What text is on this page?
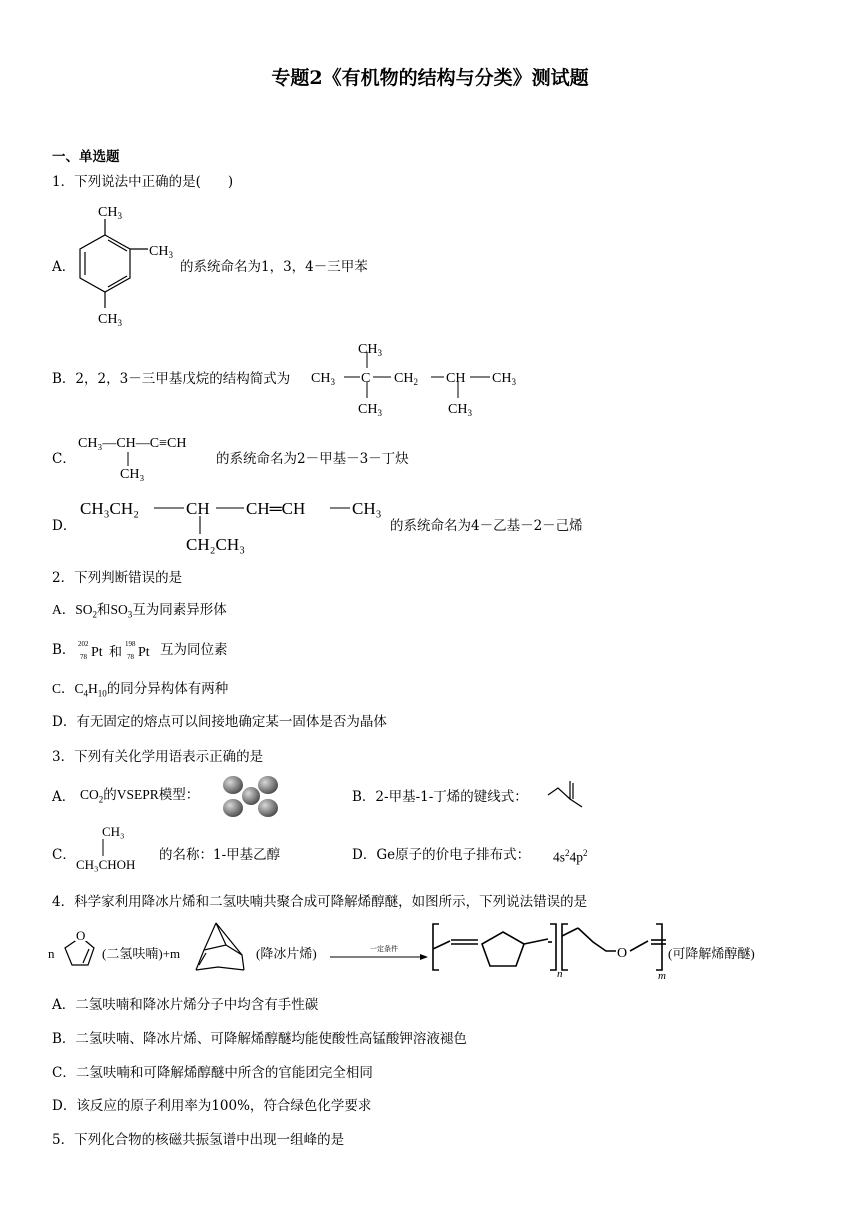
专题2《有机物的结构与分类》测试题
一、单选题
1．下列说法中正确的是(　　)
A．
$CH_3$
$CH_3$
$CH_3$
的系统命名为1，3，4－三甲苯
B．2，2，3－三甲基戊烷的结构简式为 $CH_3$ C
$CH_3$
$CH_3$
$CH_2$ CH
$CH_3$
$CH_3$
C．
CH₃—CH—C≡CH
CH₃
的系统命名为2－甲基－3－丁炔
D．
CH₃CH₂	CH CH═CH	CH₃
CH₂CH₃
的系统命名为4－乙基－2－己烯
2．下列判断错误的是
A．$SO_2$和$SO_3$互为同素异形体
B． 202
78 Pt 和 198
78 Pt 互为同位素
C．$C_4H_{10}$的同分异构体有两种
D．有无固定的熔点可以间接地确定某一固体是否为晶体
3．下列有关化学用语表示正确的是
A． $CO_2$的VSEPR模型：	B．2-甲基-1-丁烯的键线式：
C．
CH₃
CH₃CHOH
的名称：1-甲基乙醇	D．Ge原子的价电子排布式： $4s^24p^2$
4．科学家利用降冰片烯和二氢呋喃共聚合成可降解烯醇醚，如图所示，下列说法错误的是
n
O
(二氢呋喃)+m	(降冰片烯)	一定条件	O
n	m
(可降解烯醇醚)
A．二氢呋喃和降冰片烯分子中均含有手性碳
B．二氢呋喃、降冰片烯、可降解烯醇醚均能使酸性高锰酸钾溶液褪色
C．二氢呋喃和可降解烯醇醚中所含的官能团完全相同
D．该反应的原子利用率为100%，符合绿色化学要求
5．下列化合物的核磁共振氢谱中出现一组峰的是
